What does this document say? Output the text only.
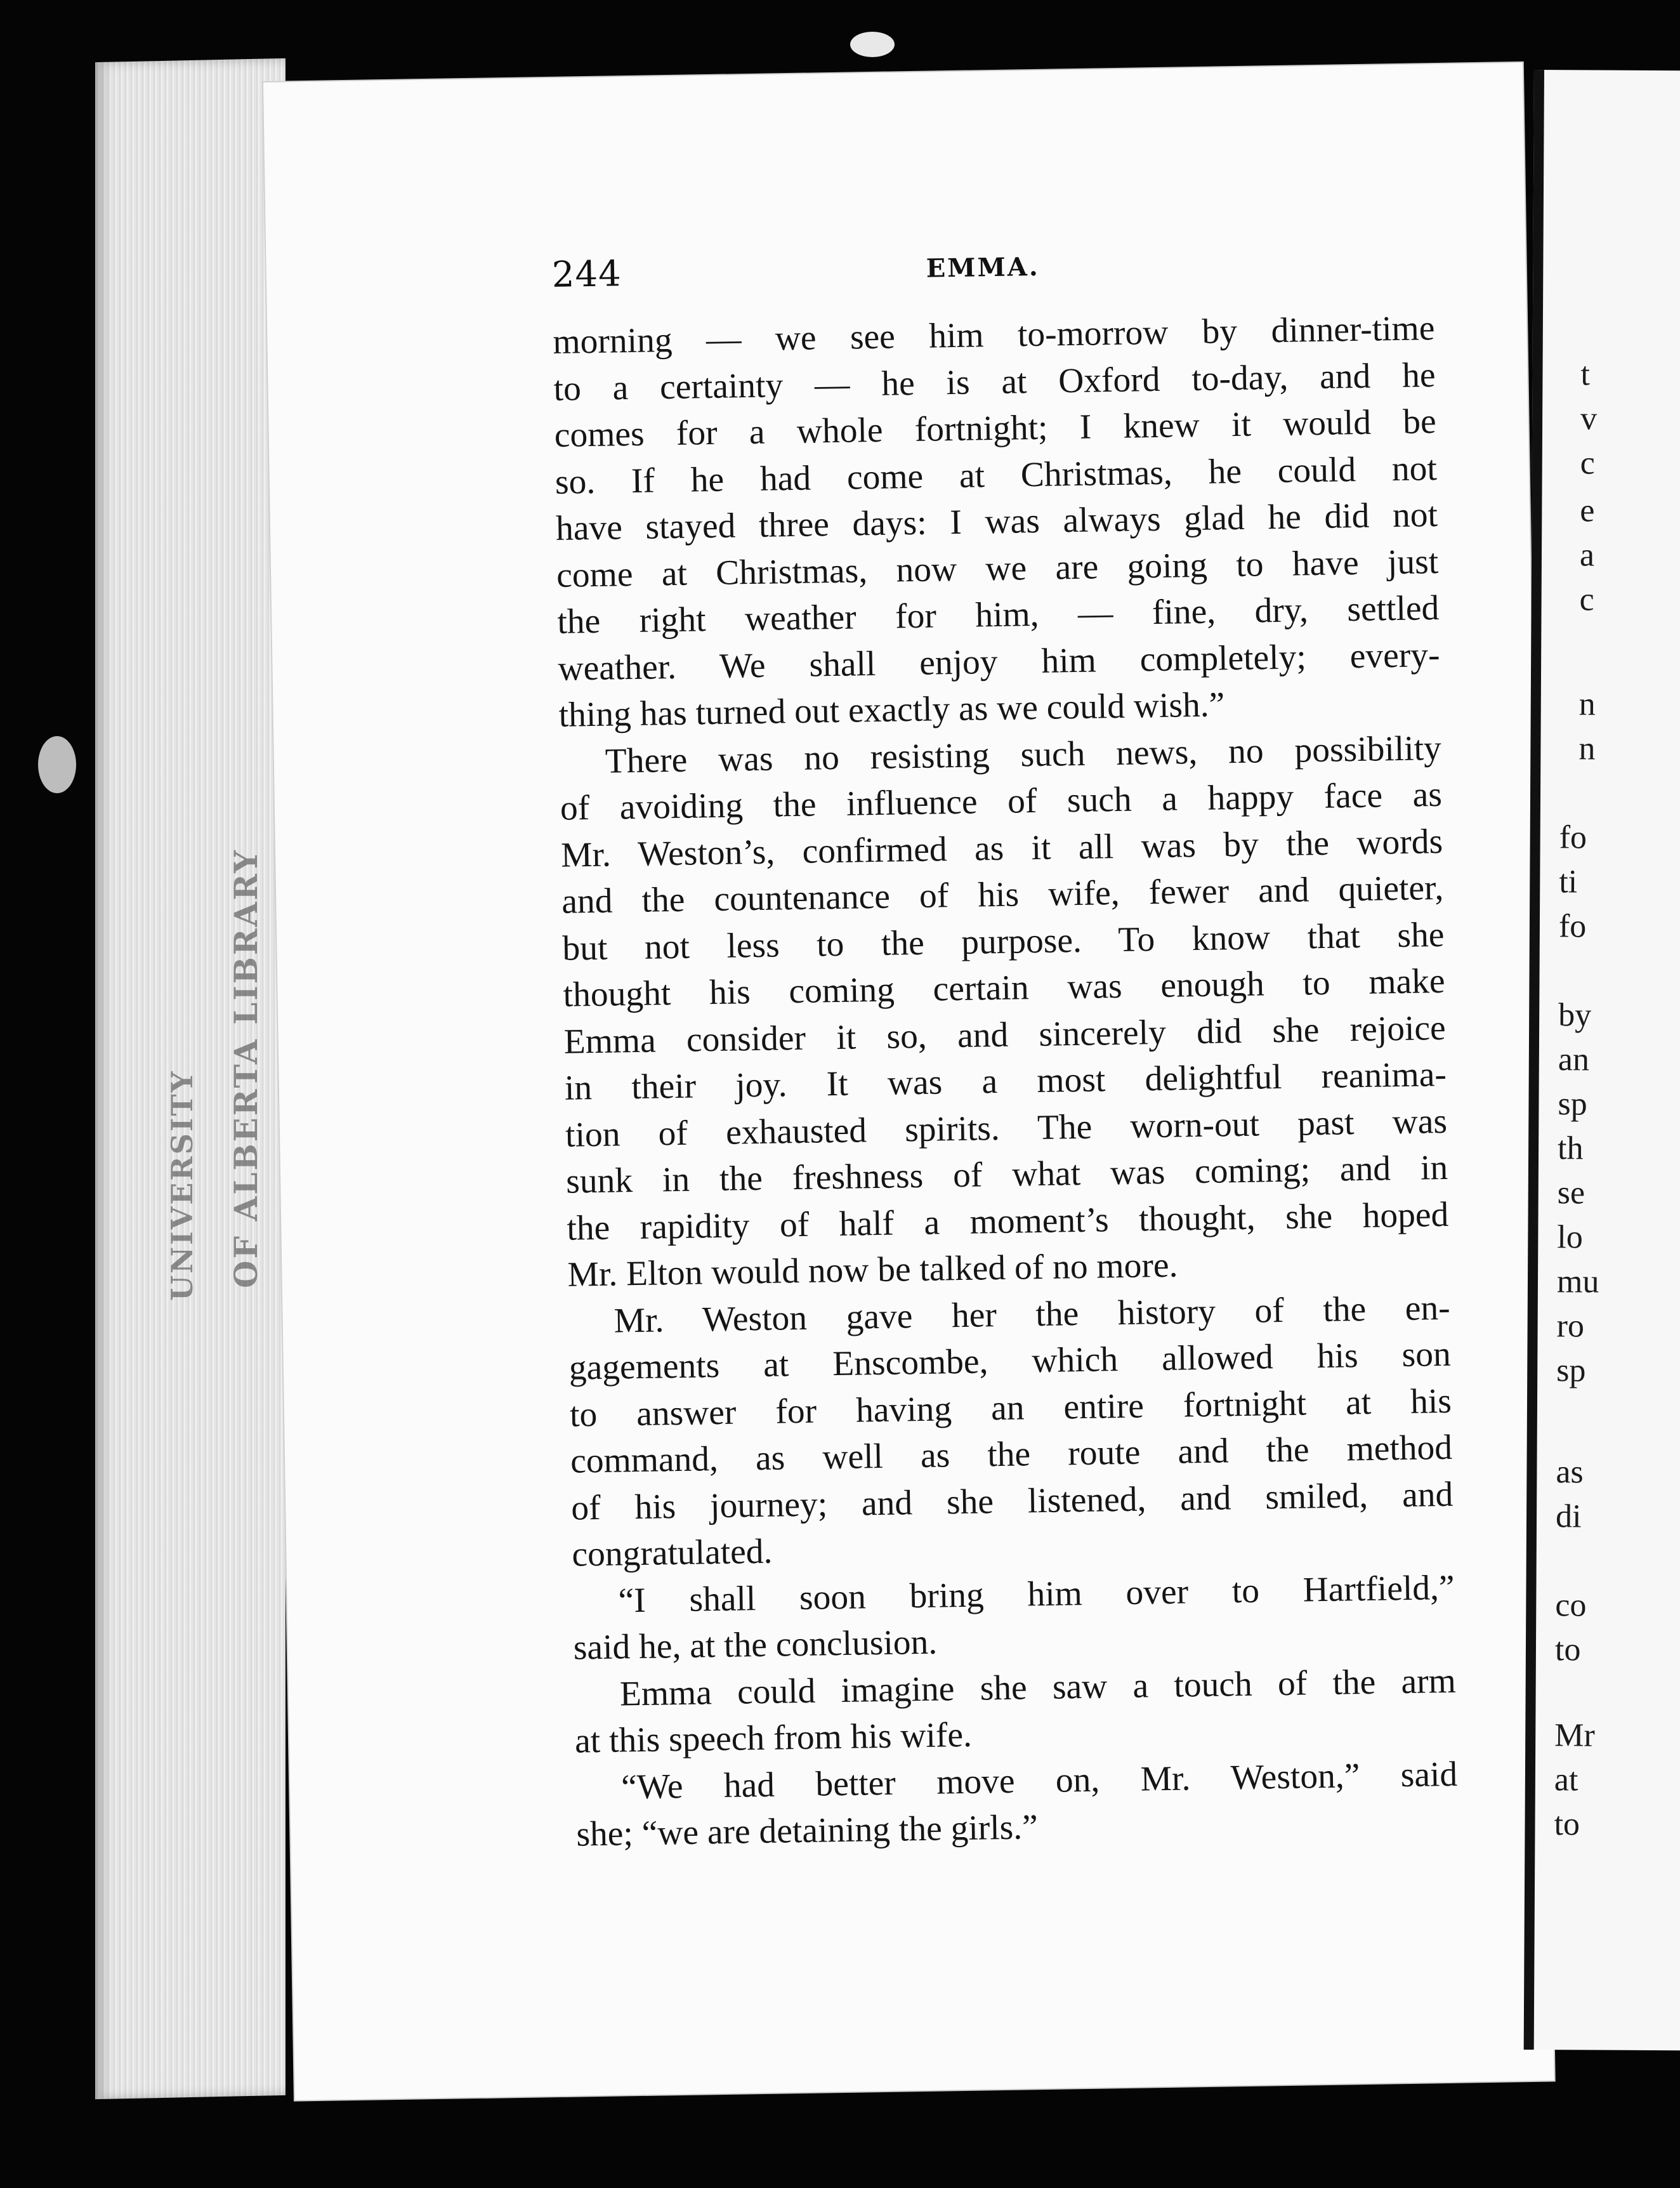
UNIVERSITY OF ALBERTA LIBRARY
244	EMMA.
morning — we see him to-morrow by dinner-time
to a certainty — he is at Oxford to-day, and he
comes for a whole fortnight; I knew it would be
so. If he had come at Christmas, he could not
have stayed three days: I was always glad he did not
come at Christmas, now we are going to have just
the right weather for him, — fine, dry, settled
weather. We shall enjoy him completely; every-
thing has turned out exactly as we could wish.”
There was no resisting such news, no possibility
of avoiding the influence of such a happy face as
Mr. Weston’s, confirmed as it all was by the words
and the countenance of his wife, fewer and quieter,
but not less to the purpose. To know that she
thought his coming certain was enough to make
Emma consider it so, and sincerely did she rejoice
in their joy. It was a most delightful reanima-
tion of exhausted spirits. The worn-out past was
sunk in the freshness of what was coming; and in
the rapidity of half a moment’s thought, she hoped
Mr. Elton would now be talked of no more.
Mr. Weston gave her the history of the en-
gagements at Enscombe, which allowed his son
to answer for having an entire fortnight at his
command, as well as the route and the method
of his journey; and she listened, and smiled, and
congratulated.
“I shall soon bring him over to Hartfield,”
said he, at the conclusion.
Emma could imagine she saw a touch of the arm
at this speech from his wife.
“We had better move on, Mr. Weston,” said
she; “we are detaining the girls.”
t
v
c
e
a
c
n
n
fo
ti
fo
by
an
sp
th
se
lo
mu
ro
sp
as
di
co
to
Mr
at
to
